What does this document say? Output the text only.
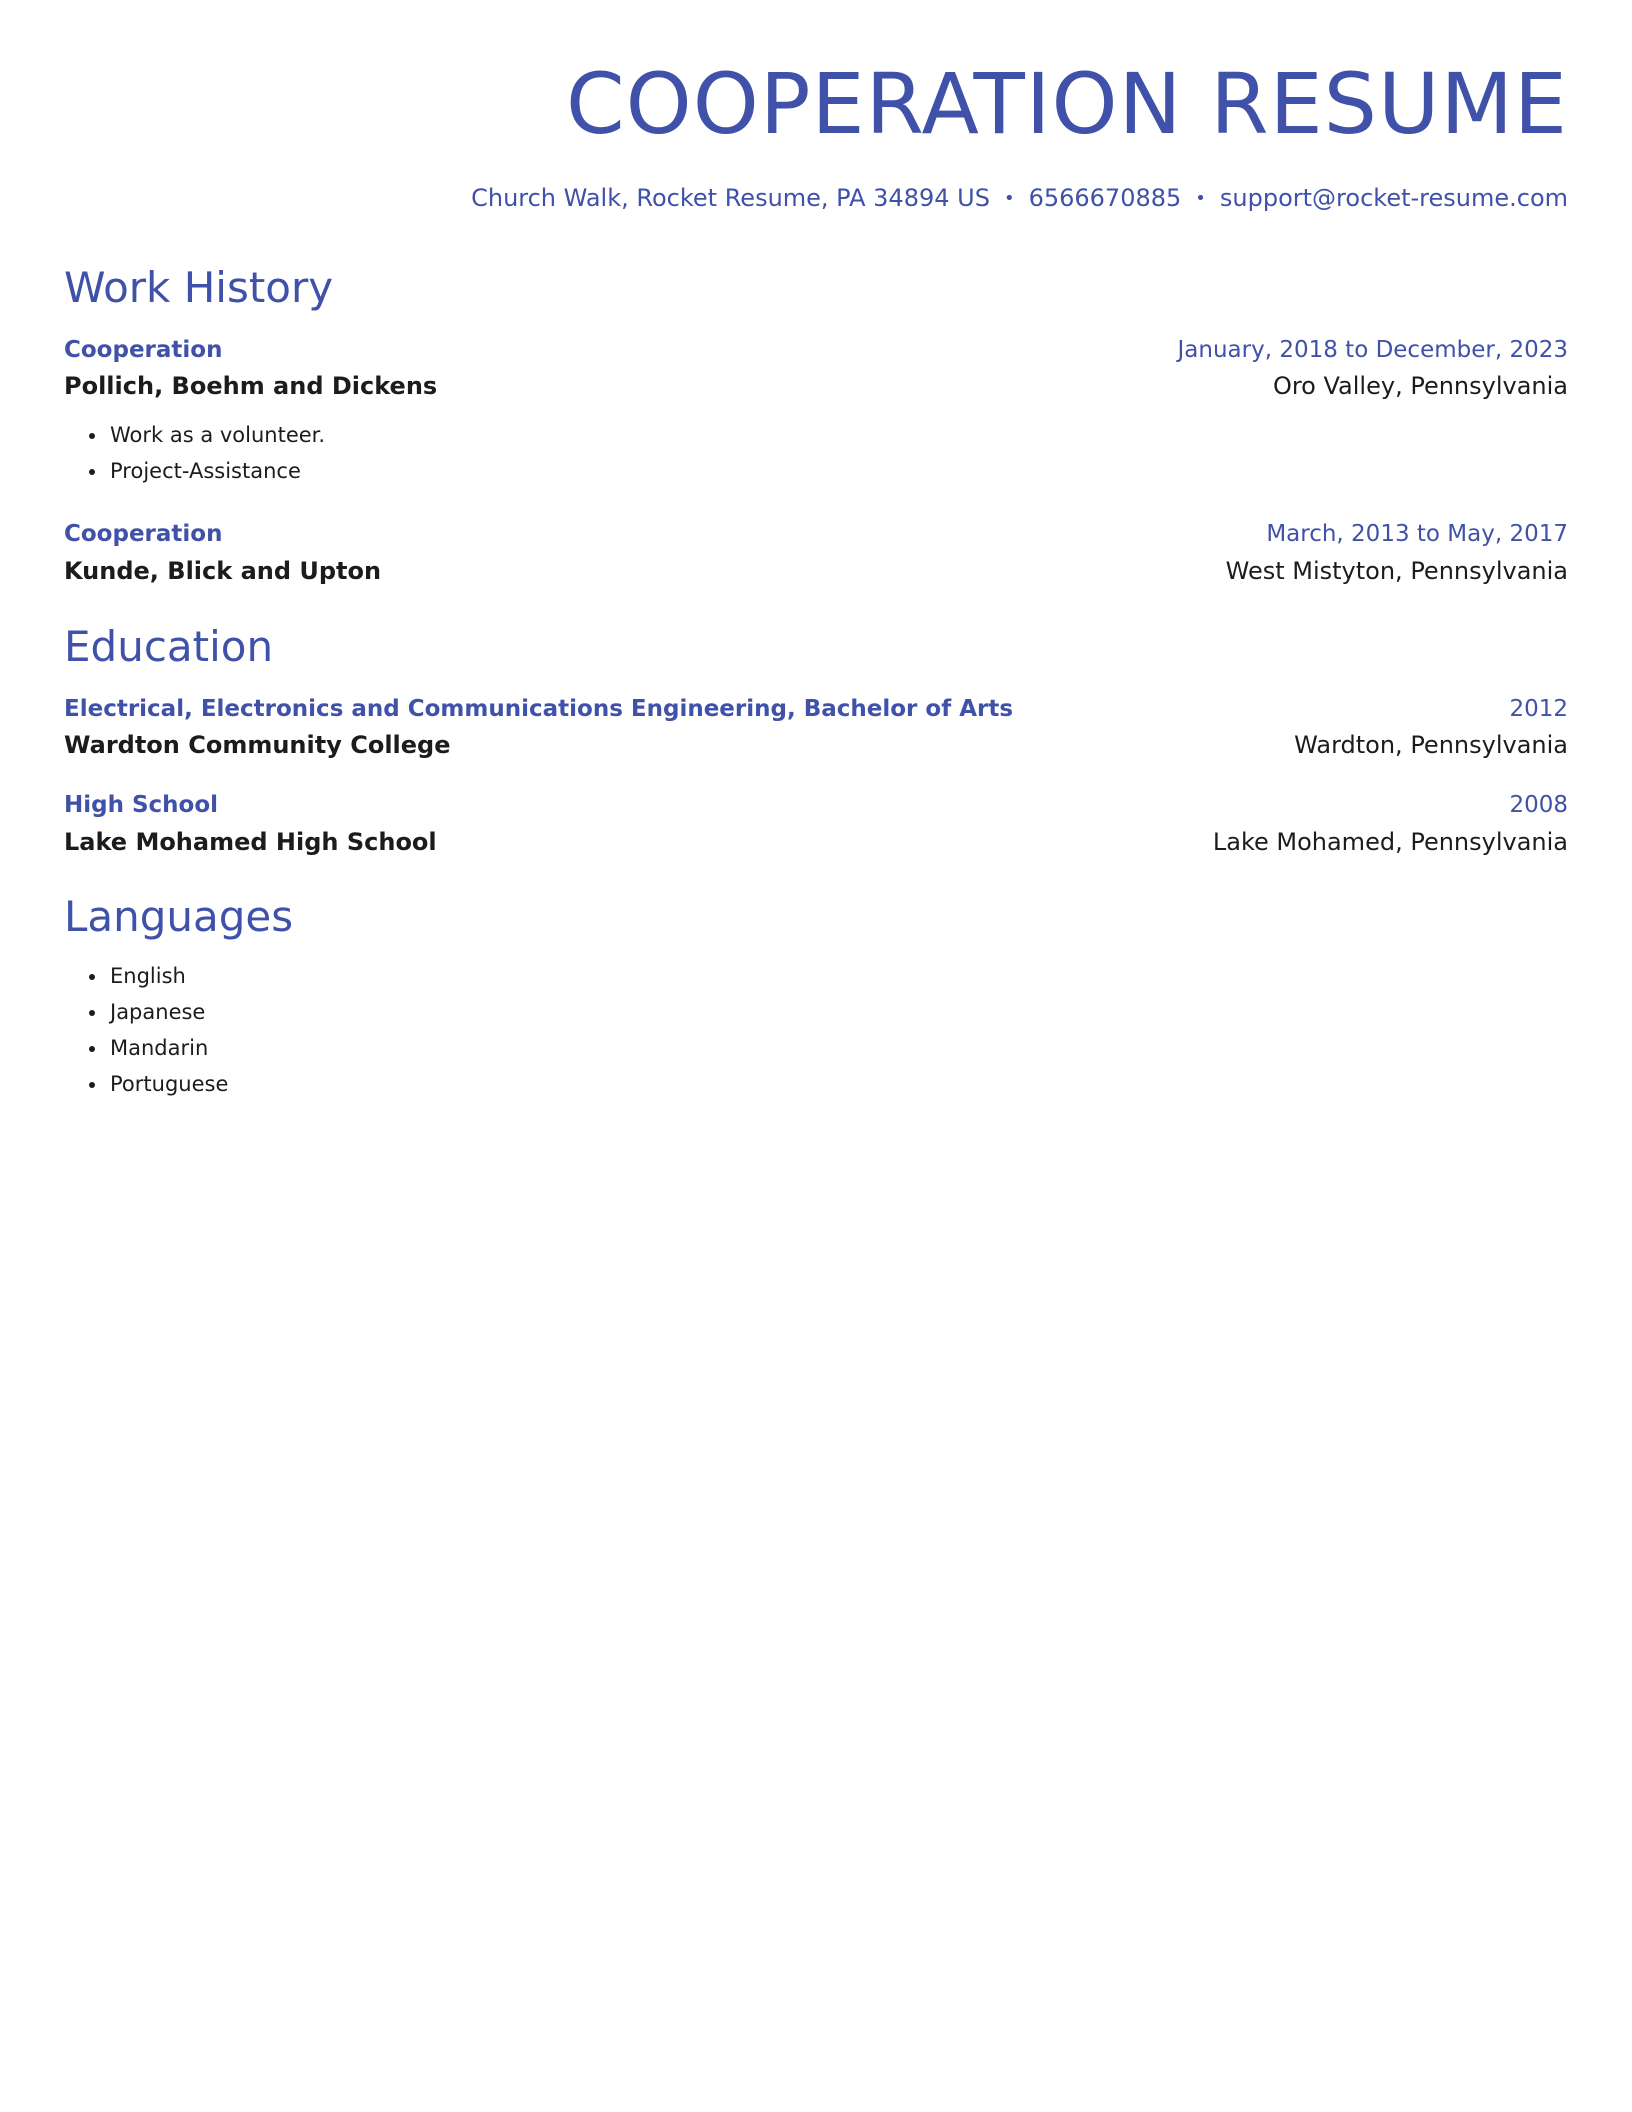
COOPERATION RESUME
Church Walk, Rocket Resume, PA 34894 US • 6566670885 • support@rocket-resume.com
Work History
Cooperation	January, 2018 to December, 2023
Pollich, Boehm and Dickens	Oro Valley, Pennsylvania
• Work as a volunteer.
• Project-Assistance
Cooperation	March, 2013 to May, 2017
Kunde, Blick and Upton	West Mistyton, Pennsylvania
Education
Electrical, Electronics and Communications Engineering, Bachelor of Arts	2012
Wardton Community College	Wardton, Pennsylvania
High School	2008
Lake Mohamed High School	Lake Mohamed, Pennsylvania
Languages
• English
• Japanese
• Mandarin
• Portuguese
